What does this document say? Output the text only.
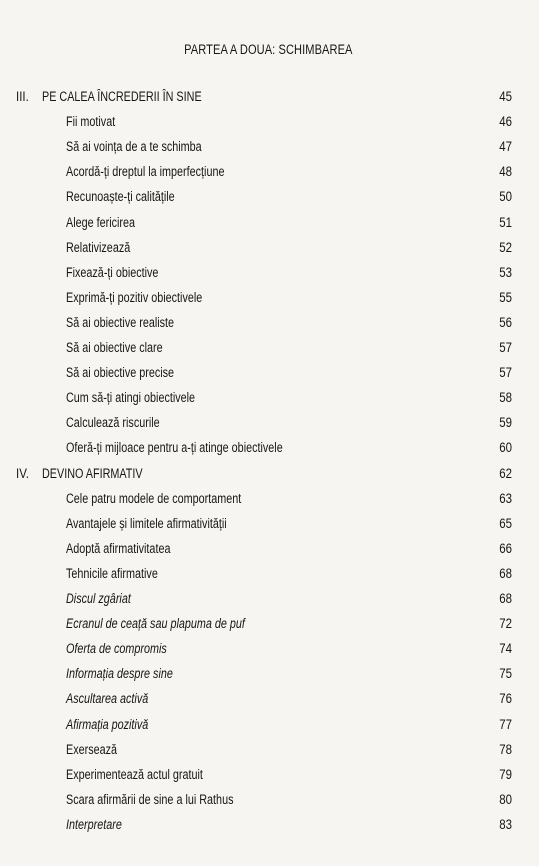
PARTEA A DOUA: SCHIMBAREA
III. PE CALEA ÎNCREDERII ÎN SINE	45
Fii motivat	46
Să ai voința de a te schimba	47
Acordă-ți dreptul la imperfecțiune	48
Recunoaște-ți calitățile	50
Alege fericirea	51
Relativizează	52
Fixează-ți obiective	53
Exprimă-ți pozitiv obiectivele	55
Să ai obiective realiste	56
Să ai obiective clare	57
Să ai obiective precise	57
Cum să-ți atingi obiectivele	58
Calculează riscurile	59
Oferă-ți mijloace pentru a-ți atinge obiectivele	60
IV. DEVINO AFIRMATIV	62
Cele patru modele de comportament	63
Avantajele și limitele afirmativității	65
Adoptă afirmativitatea	66
Tehnicile afirmative	68
Discul zgâriat	68
Ecranul de ceață sau plapuma de puf	72
Oferta de compromis	74
Informația despre sine	75
Ascultarea activă	76
Afirmația pozitivă	77
Exersează	78
Experimentează actul gratuit	79
Scara afirmării de sine a lui Rathus	80
Interpretare	83
